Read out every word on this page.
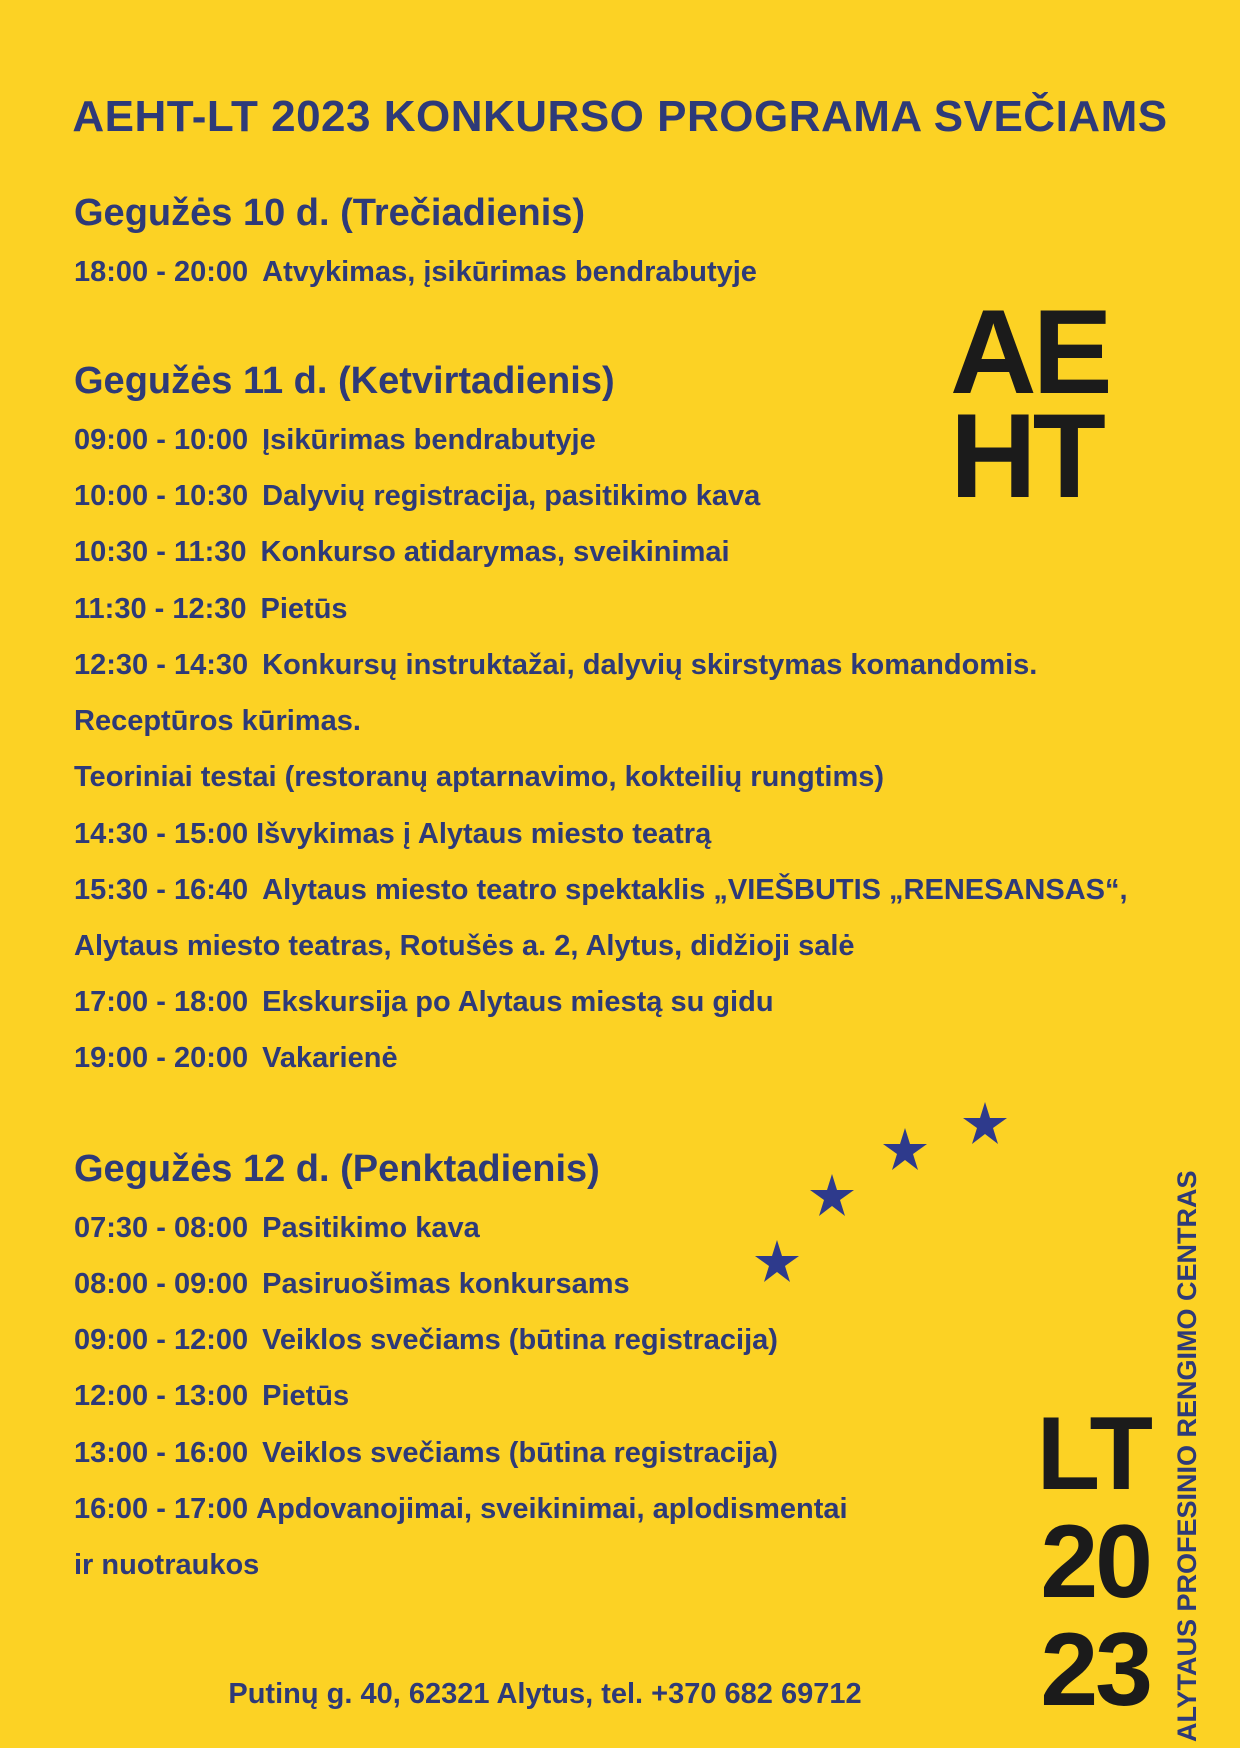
AEHT-LT 2023 KONKURSO PROGRAMA SVEČIAMS
Gegužės 10 d. (Trečiadienis)
18:00 - 20:00 Atvykimas, įsikūrimas bendrabutyje
Gegužės 11 d. (Ketvirtadienis)
09:00 - 10:00 Įsikūrimas bendrabutyje
10:00 - 10:30 Dalyvių registracija, pasitikimo kava
10:30 - 11:30 Konkurso atidarymas, sveikinimai
11:30 - 12:30 Pietūs
12:30 - 14:30 Konkursų instruktažai, dalyvių skirstymas komandomis.
Receptūros kūrimas.
Teoriniai testai (restoranų aptarnavimo, kokteilių rungtims)
14:30 - 15:00 Išvykimas į Alytaus miesto teatrą
15:30 - 16:40 Alytaus miesto teatro spektaklis „VIEŠBUTIS „RENESANSAS“,
Alytaus miesto teatras, Rotušės a. 2, Alytus, didžioji salė
17:00 - 18:00 Ekskursija po Alytaus miestą su gidu
19:00 - 20:00 Vakarienė
Gegužės 12 d. (Penktadienis)
07:30 - 08:00 Pasitikimo kava
08:00 - 09:00 Pasiruošimas konkursams
09:00 - 12:00 Veiklos svečiams (būtina registracija)
12:00 - 13:00 Pietūs
13:00 - 16:00 Veiklos svečiams (būtina registracija)
16:00 - 17:00 Apdovanojimai, sveikinimai, aplodismentai
ir nuotraukos
AE
HT
LT
20
23 ALYTAUS PROFESINIO RENGIMO CENTRAS
Putinų g. 40, 62321 Alytus, tel. +370 682 69712
